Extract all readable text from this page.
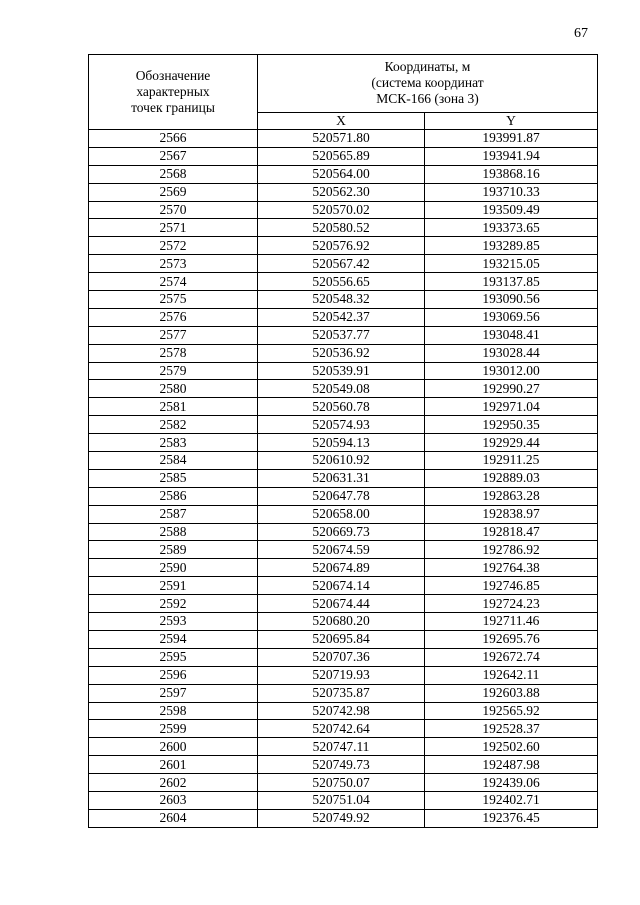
67
Обозначение
характерных
точек границы	Координаты, м
(система координат
МСК-166 (зона 3)	

	X	Y
2566	520571.80	193991.87
2567	520565.89	193941.94
2568	520564.00	193868.16
2569	520562.30	193710.33
2570	520570.02	193509.49
2571	520580.52	193373.65
2572	520576.92	193289.85
2573	520567.42	193215.05
2574	520556.65	193137.85
2575	520548.32	193090.56
2576	520542.37	193069.56
2577	520537.77	193048.41
2578	520536.92	193028.44
2579	520539.91	193012.00
2580	520549.08	192990.27
2581	520560.78	192971.04
2582	520574.93	192950.35
2583	520594.13	192929.44
2584	520610.92	192911.25
2585	520631.31	192889.03
2586	520647.78	192863.28
2587	520658.00	192838.97
2588	520669.73	192818.47
2589	520674.59	192786.92
2590	520674.89	192764.38
2591	520674.14	192746.85
2592	520674.44	192724.23
2593	520680.20	192711.46
2594	520695.84	192695.76
2595	520707.36	192672.74
2596	520719.93	192642.11
2597	520735.87	192603.88
2598	520742.98	192565.92
2599	520742.64	192528.37
2600	520747.11	192502.60
2601	520749.73	192487.98
2602	520750.07	192439.06
2603	520751.04	192402.71
2604	520749.92	192376.45
